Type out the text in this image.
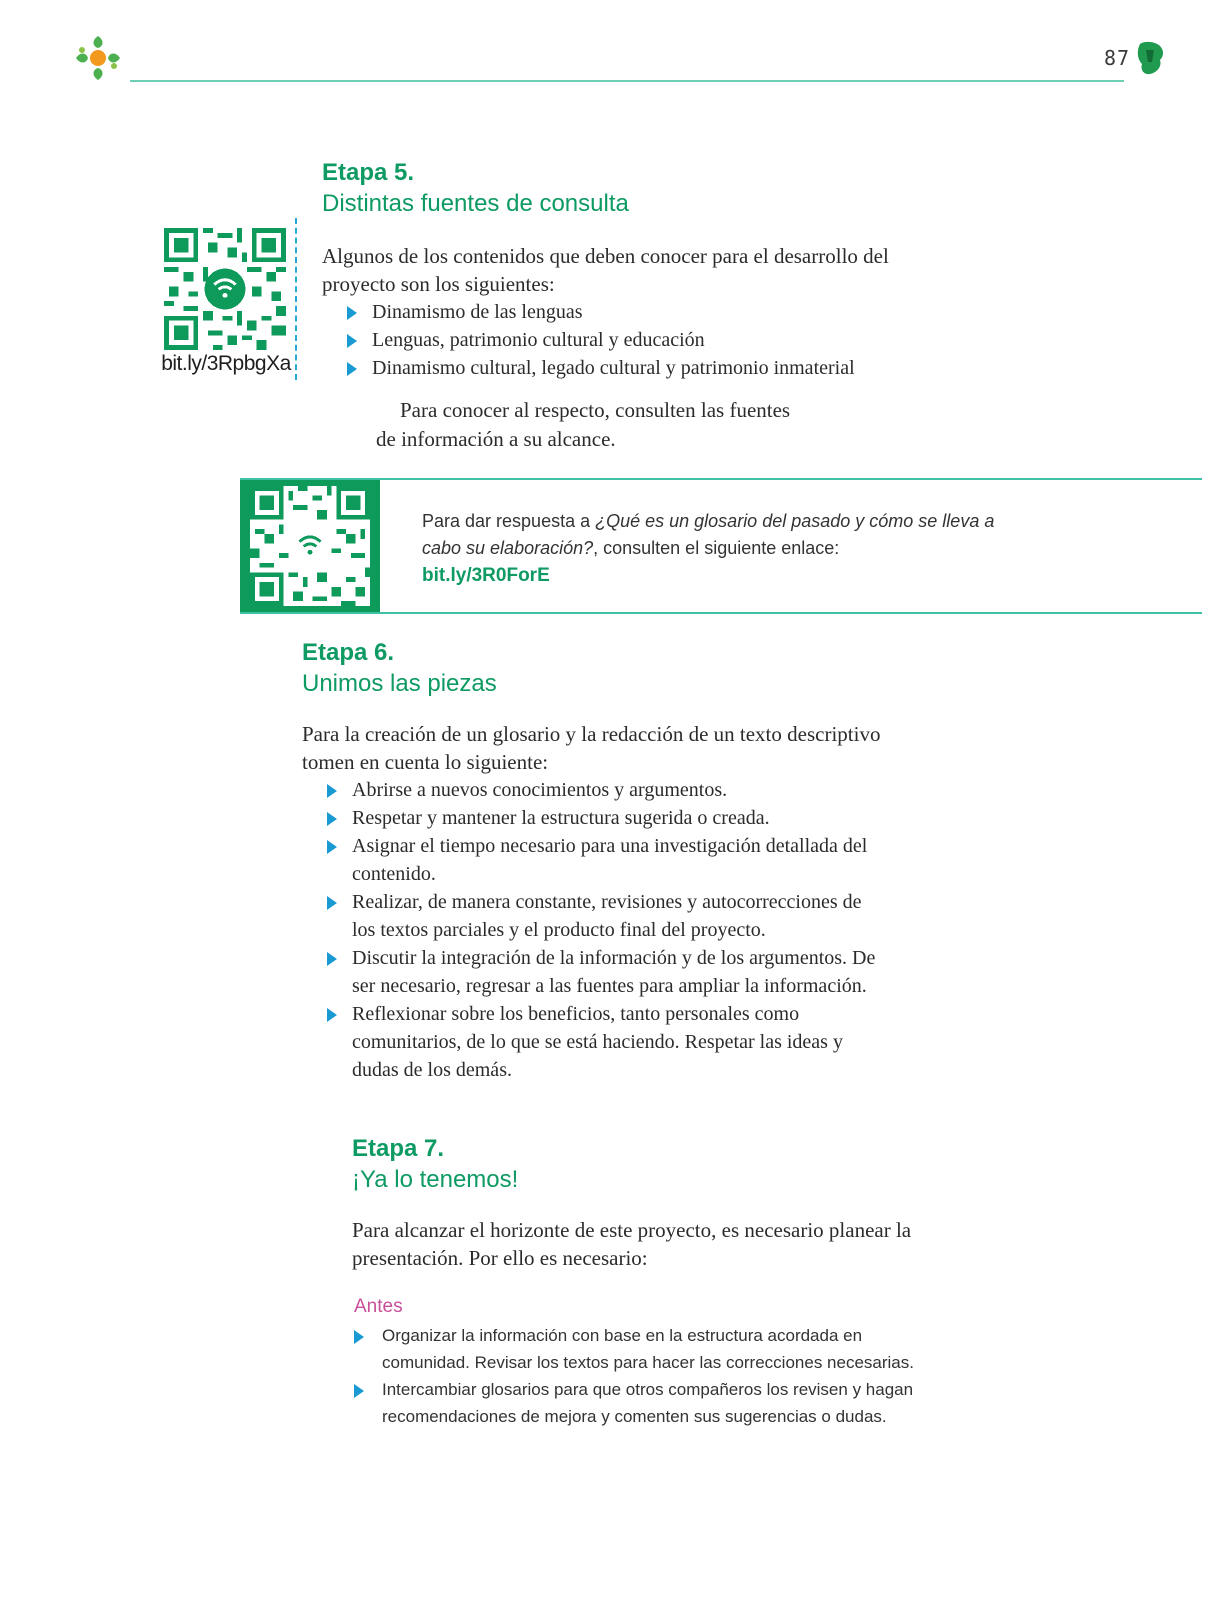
87
Etapa 5.
Distintas fuentes de consulta
bit.ly/3RpbgXa
Algunos de los contenidos que deben conocer para el desarrollo del proyecto son los siguientes:
Dinamismo de las lenguas
Lenguas, patrimonio cultural y educación
Dinamismo cultural, legado cultural y patrimonio inmaterial
Para conocer al respecto, consulten las fuentes de información a su alcance.
Para dar respuesta a ¿Qué es un glosario del pasado y cómo se lleva a cabo su elaboración?, consulten el siguiente enlace:
bit.ly/3R0ForE
Etapa 6.
Unimos las piezas
Para la creación de un glosario y la redacción de un texto descriptivo tomen en cuenta lo siguiente:
Abrirse a nuevos conocimientos y argumentos.
Respetar y mantener la estructura sugerida o creada.
Asignar el tiempo necesario para una investigación detallada del contenido.
Realizar, de manera constante, revisiones y autocorrecciones de los textos parciales y el producto final del proyecto.
Discutir la integración de la información y de los argumentos. De ser necesario, regresar a las fuentes para ampliar la información.
Reflexionar sobre los beneficios, tanto personales como comunitarios, de lo que se está haciendo. Respetar las ideas y dudas de los demás.
Etapa 7.
¡Ya lo tenemos!
Para alcanzar el horizonte de este proyecto, es necesario planear la presentación. Por ello es necesario:
Antes
Organizar la información con base en la estructura acordada en comunidad. Revisar los textos para hacer las correcciones necesarias.
Intercambiar glosarios para que otros compañeros los revisen y hagan recomendaciones de mejora y comenten sus sugerencias o dudas.
